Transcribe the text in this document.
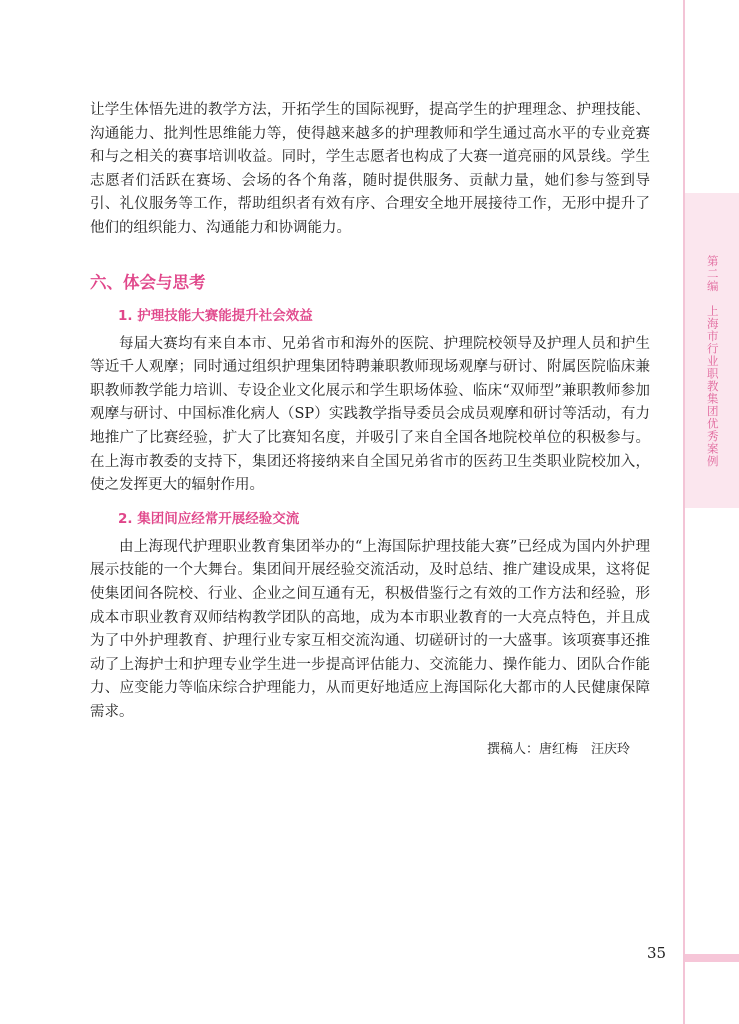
第二编　上海市行业职教集团优秀案例

让学生体悟先进的教学方法，开拓学生的国际视野，提高学生的护理理念、护理技能、沟通能力、批判性思维能力等，使得越来越多的护理教师和学生通过高水平的专业竞赛和与之相关的赛事培训收益。同时，学生志愿者也构成了大赛一道亮丽的风景线。学生志愿者们活跃在赛场、会场的各个角落，随时提供服务、贡献力量，她们参与签到导引、礼仪服务等工作，帮助组织者有效有序、合理安全地开展接待工作，无形中提升了他们的组织能力、沟通能力和协调能力。

六、体会与思考
1. 护理技能大赛能提升社会效益

每届大赛均有来自本市、兄弟省市和海外的医院、护理院校领导及护理人员和护生等近千人观摩；同时通过组织护理集团特聘兼职教师现场观摩与研讨、附属医院临床兼职教师教学能力培训、专设企业文化展示和学生职场体验、临床“双师型”兼职教师参加观摩与研讨、中国标准化病人（SP）实践教学指导委员会成员观摩和研讨等活动，有力地推广了比赛经验，扩大了比赛知名度，并吸引了来自全国各地院校单位的积极参与。在上海市教委的支持下，集团还将接纳来自全国兄弟省市的医药卫生类职业院校加入，使之发挥更大的辐射作用。

2. 集团间应经常开展经验交流

由上海现代护理职业教育集团举办的“上海国际护理技能大赛”已经成为国内外护理展示技能的一个大舞台。集团间开展经验交流活动，及时总结、推广建设成果，这将促使集团间各院校、行业、企业之间互通有无，积极借鉴行之有效的工作方法和经验，形成本市职业教育双师结构教学团队的高地，成为本市职业教育的一大亮点特色，并且成为了中外护理教育、护理行业专家互相交流沟通、切磋研讨的一大盛事。该项赛事还推动了上海护士和护理专业学生进一步提高评估能力、交流能力、操作能力、团队合作能力、应变能力等临床综合护理能力，从而更好地适应上海国际化大都市的人民健康保障需求。

撰稿人：唐红梅　汪庆玲
35
